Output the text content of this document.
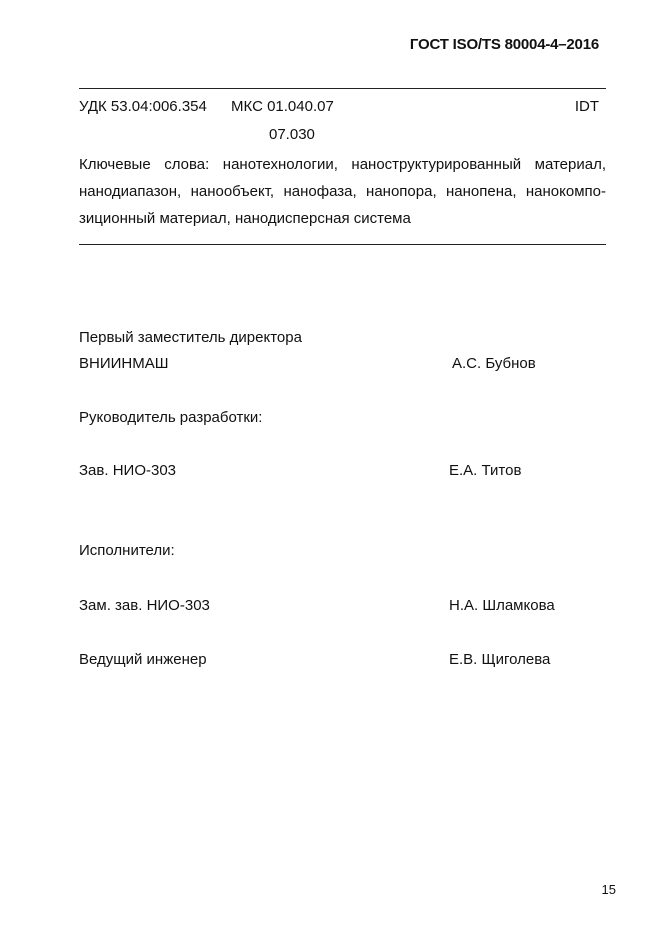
ГОСТ ISO/TS 80004-4–2016
УДК 53.04:006.354 МКС 01.040.07
07.030
IDT
Ключевые слова: нанотехнологии, наноструктурированный материал,
нанодиапазон, нанообъект, нанофаза, нанопора, нанопена, нанокомпо-
зиционный материал, нанодисперсная система
Первый заместитель директора
ВНИИНМАШ	А.С. Бубнов
Руководитель разработки:
Зав. НИО-303	Е.А. Титов
Исполнители:
Зам. зав. НИО-303	Н.А. Шламкова
Ведущий инженер	Е.В. Щиголева
15
